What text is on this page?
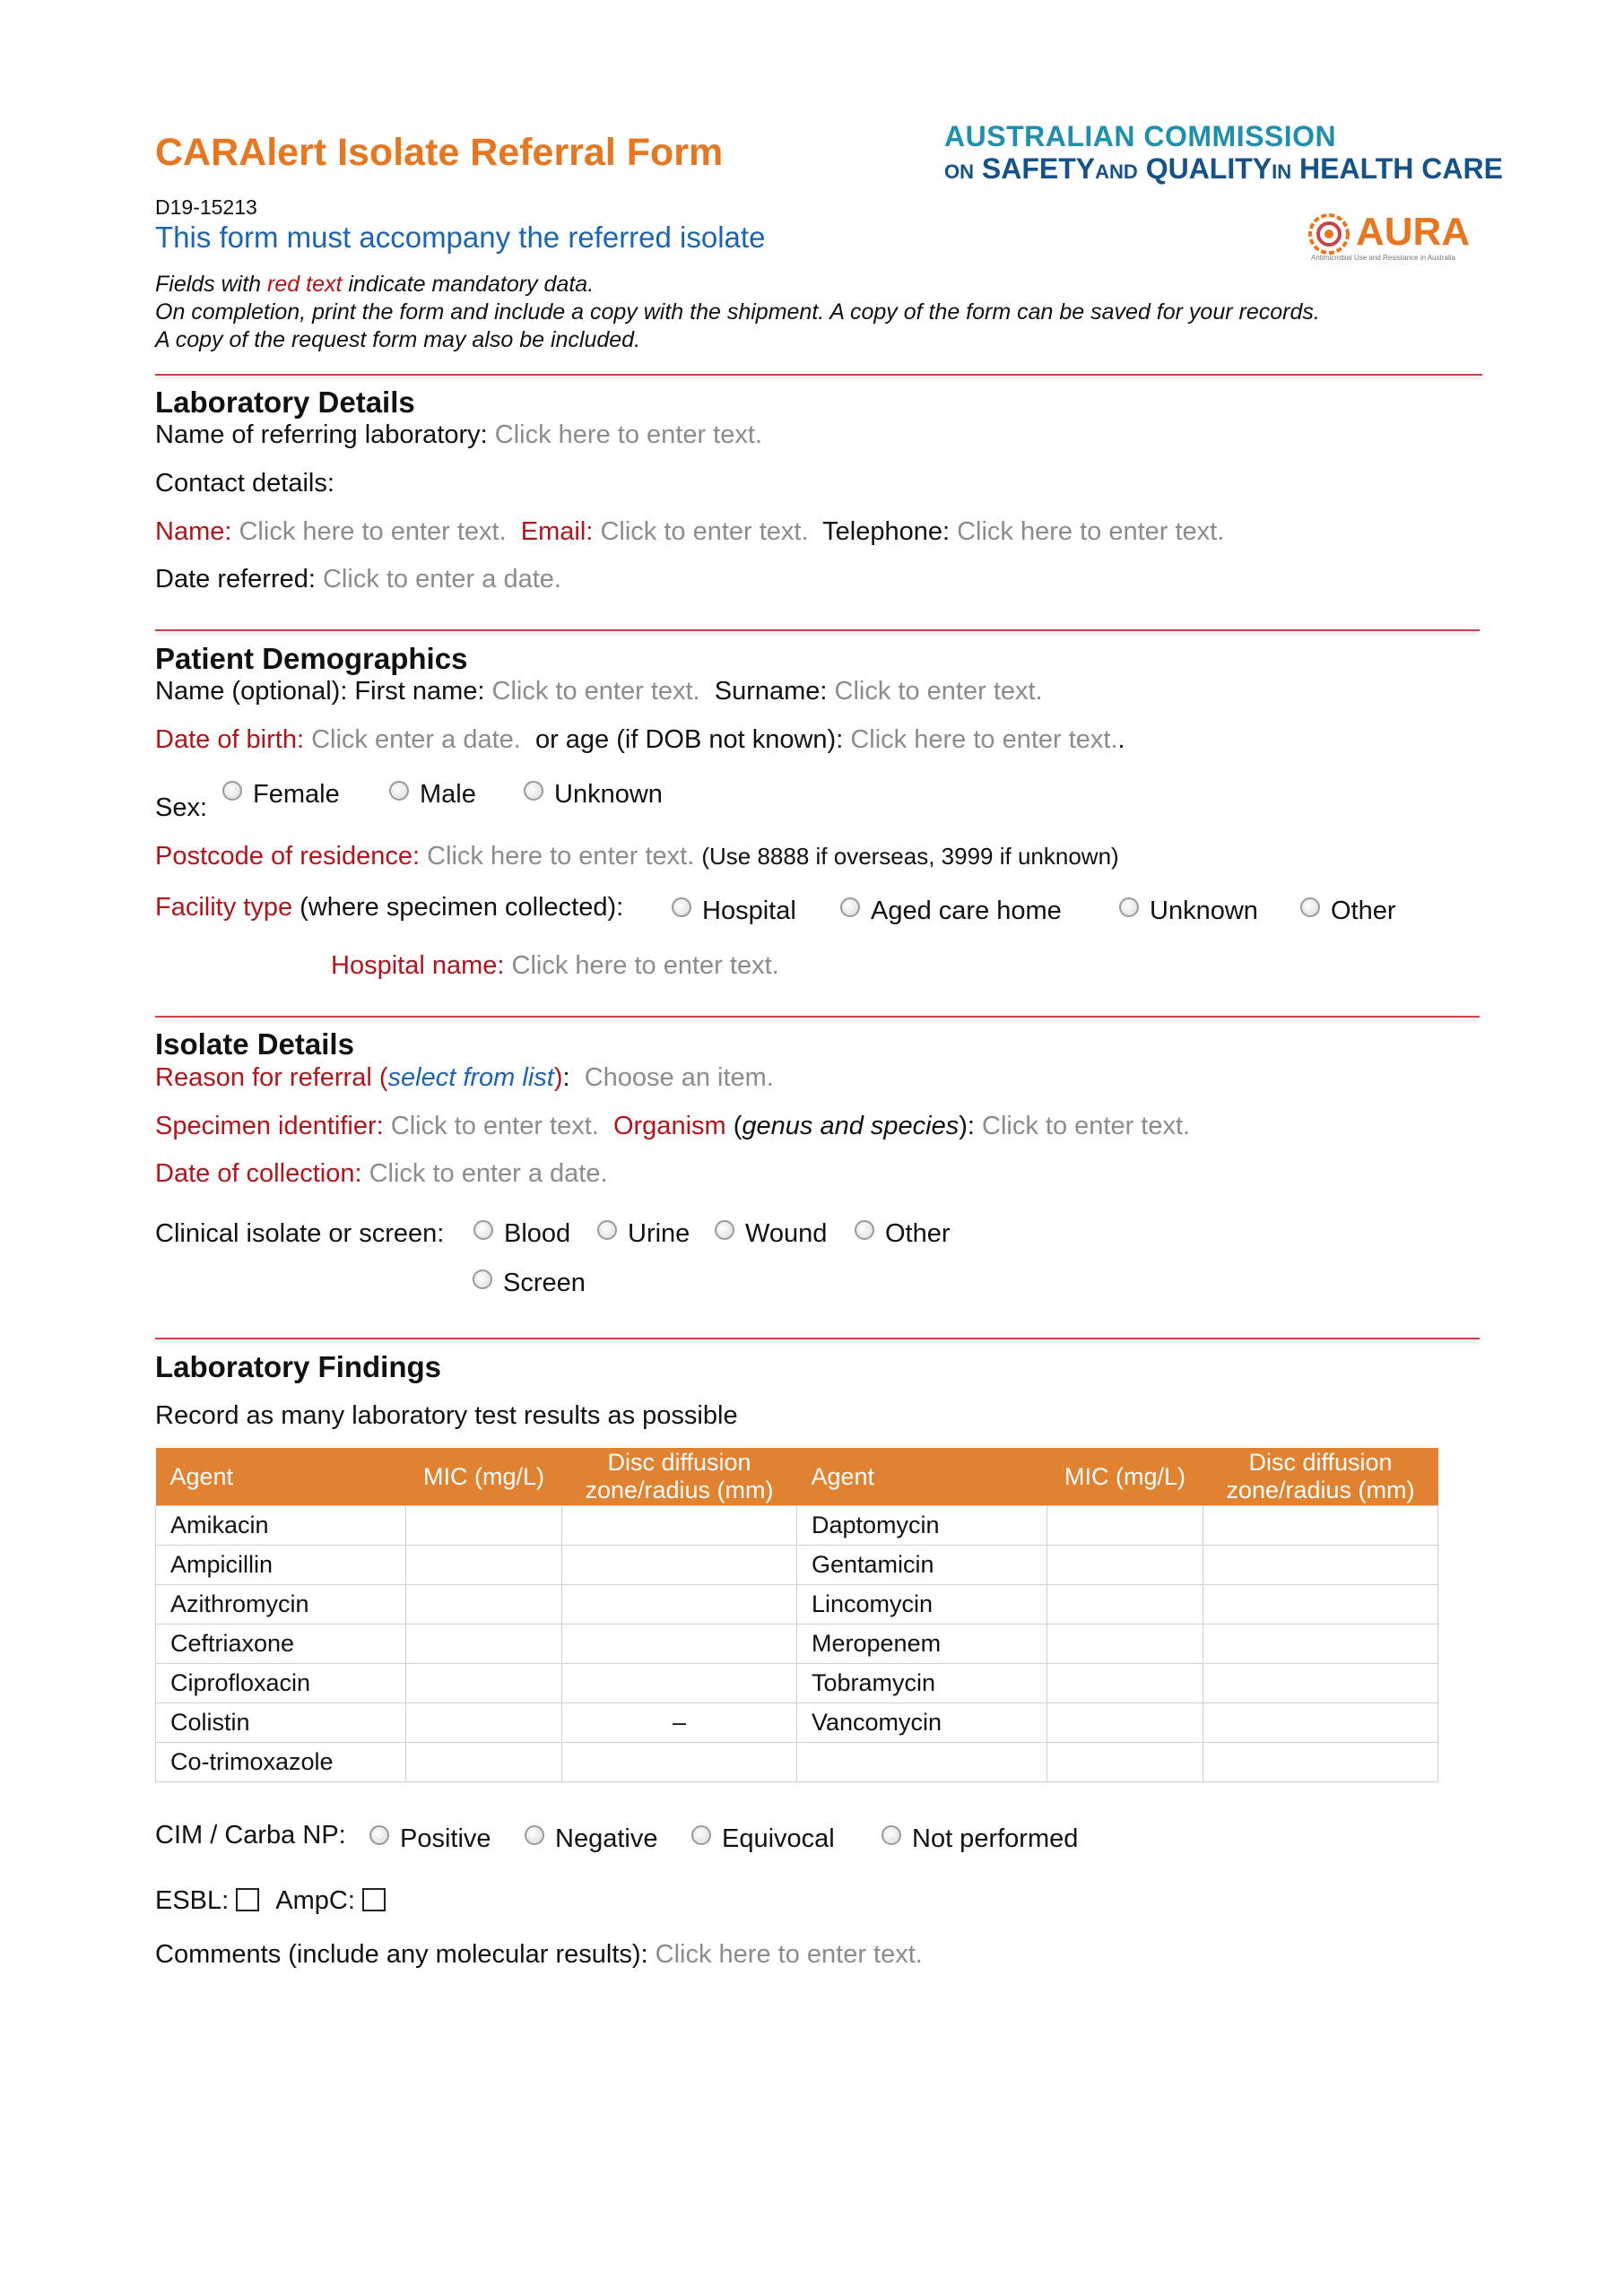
CARAlert Isolate Referral Form
D19-15213
This form must accompany the referred isolate
AUSTRALIAN COMMISSION
ON SAFETYAND QUALITYIN HEALTH CARE
AURA
Antimicrobial Use and Resistance in Australia
Fields with red text indicate mandatory data.
On completion, print the form and include a copy with the shipment. A copy of the form can be saved for your records.
A copy of the request form may also be included.
Laboratory Details
Name of referring laboratory: Click here to enter text.
Contact details:
Name: Click here to enter text. Email: Click to enter text. Telephone: Click here to enter text.
Date referred: Click to enter a date.
Patient Demographics
Name (optional): First name: Click to enter text. Surname: Click to enter text.
Date of birth: Click enter a date. or age (if DOB not known): Click here to enter text..
Sex:	Female	Male	Unknown
Postcode of residence: Click here to enter text. (Use 8888 if overseas, 3999 if unknown)
Facility type (where specimen collected):	Hospital	Aged care home	Unknown	Other
Hospital name: Click here to enter text.
Isolate Details
Reason for referral (select from list):  Choose an item.
Specimen identifier: Click to enter text. Organism (genus and species): Click to enter text.
Date of collection: Click to enter a date.
Clinical isolate or screen:	Blood	Urine	Wound	Other
Screen
Laboratory Findings
Record as many laboratory test results as possible
Agent	MIC (mg/L)	Disc diffusion
zone/radius (mm)	Agent	MIC (mg/L)	Disc diffusion
zone/radius (mm)
Amikacin			Daptomycin		
Ampicillin			Gentamicin		
Azithromycin			Lincomycin		
Ceftriaxone			Meropenem		
Ciprofloxacin			Tobramycin		
Colistin		–	Vancomycin		
Co-trimoxazole					
CIM / Carba NP:	Positive	Negative	Equivocal	Not performed
ESBL: AmpC:
Comments (include any molecular results): Click here to enter text.
